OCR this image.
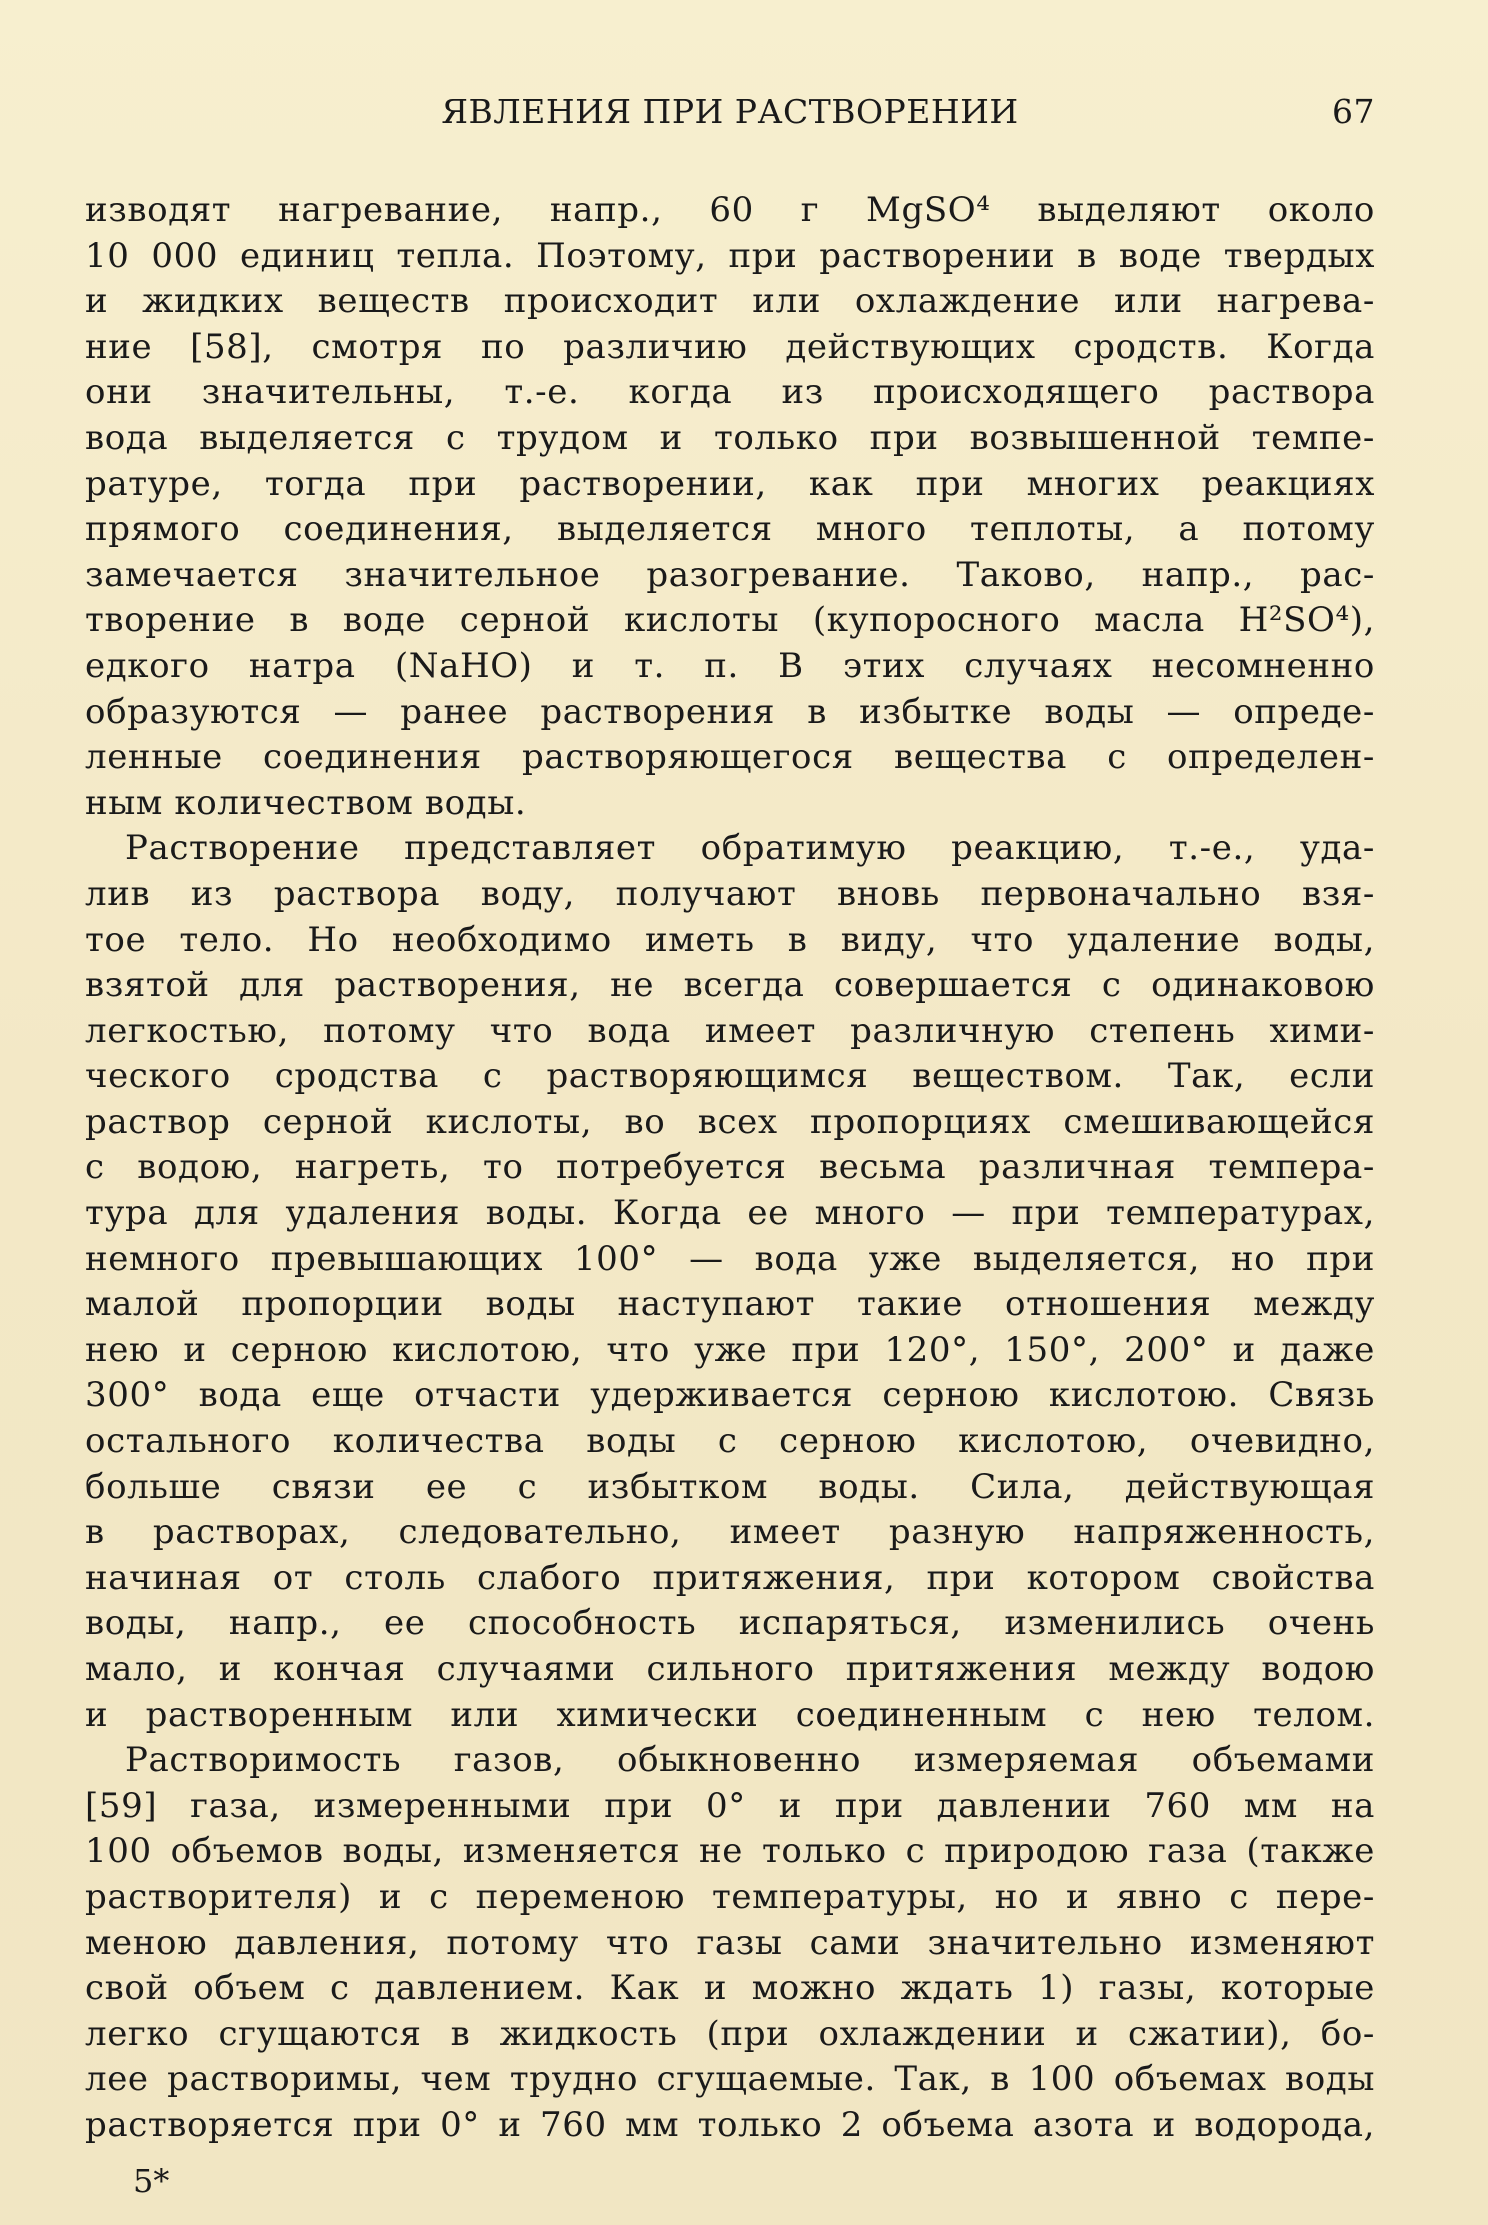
ЯВЛЕНИЯ ПРИ РАСТВОРЕНИИ	67
изводят нагревание, напр., 60 г MgSO⁴ выделяют около
10 000 единиц тепла. Поэтому, при растворении в воде твердых
и жидких веществ происходит или охлаждение или нагрева-
ние [58], смотря по различию действующих сродств. Когда
они значительны, т.-е. когда из происходящего раствора
вода выделяется с трудом и только при возвышенной темпе-
ратуре, тогда при растворении, как при многих реакциях
прямого соединения, выделяется много теплоты, а потому
замечается значительное разогревание. Таково, напр., рас-
творение в воде серной кислоты (купоросного масла H²SO⁴),
едкого натра (NaHO) и т. п. В этих случаях несомненно
образуются — ранее растворения в избытке воды — опреде-
ленные соединения растворяющегося вещества с определен-
ным количеством воды.
Растворение представляет обратимую реакцию, т.-е., уда-
лив из раствора воду, получают вновь первоначально взя-
тое тело. Но необходимо иметь в виду, что удаление воды,
взятой для растворения, не всегда совершается с одинаковою
легкостью, потому что вода имеет различную степень хими-
ческого сродства с растворяющимся веществом. Так, если
раствор серной кислоты, во всех пропорциях смешивающейся
с водою, нагреть, то потребуется весьма различная темпера-
тура для удаления воды. Когда ее много — при температурах,
немного превышающих 100° — вода уже выделяется, но при
малой пропорции воды наступают такие отношения между
нею и серною кислотою, что уже при 120°, 150°, 200° и даже
300° вода еще отчасти удерживается серною кислотою. Связь
остального количества воды с серною кислотою, очевидно,
больше связи ее с избытком воды. Сила, действующая
в растворах, следовательно, имеет разную напряженность,
начиная от столь слабого притяжения, при котором свойства
воды, напр., ее способность испаряться, изменились очень
мало, и кончая случаями сильного притяжения между водою
и растворенным или химически соединенным с нею телом.
Растворимость газов, обыкновенно измеряемая объемами
[59] газа, измеренными при 0° и при давлении 760 мм на
100 объемов воды, изменяется не только с природою газа (также
растворителя) и с переменою температуры, но и явно с пере-
меною давления, потому что газы сами значительно изменяют
свой объем с давлением. Как и можно ждать 1) газы, которые
легко сгущаются в жидкость (при охлаждении и сжатии), бо-
лее растворимы, чем трудно сгущаемые. Так, в 100 объемах воды
растворяется при 0° и 760 мм только 2 объема азота и водорода,
5*
